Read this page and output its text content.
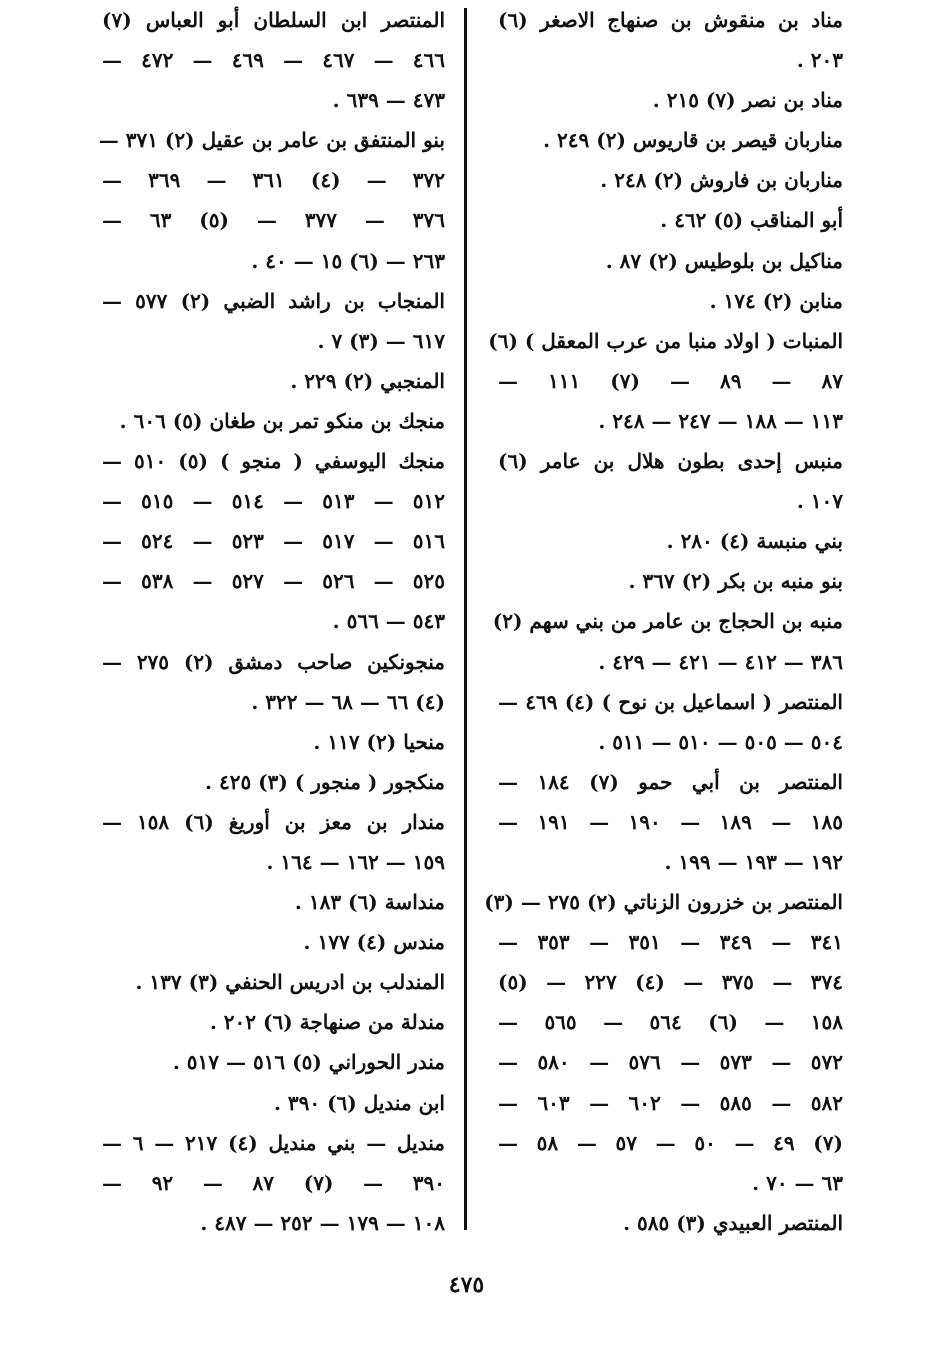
مناد بن منقوش بن صنهاج الاصغر (٦)
٢٠٣ .
مناد بن نصر (٧) ٢١٥ .
مناربان قيصر بن قاريوس (٢) ٢٤٩ .
مناربان بن فاروش (٢) ٢٤٨ .
أبو المناقب (٥) ٤٦٢ .
مناكيل بن بلوطيس (٢) ٨٧ .
منابن (٢) ١٧٤ .
المنبات ( اولاد منبا من عرب المعقل ) (٦)
٨٧ — ٨٩ — (٧) ١١١ —
١١٣ — ١٨٨ — ٢٤٧ — ٢٤٨ .
منبس إحدى بطون هلال بن عامر (٦)
١٠٧ .
بني منبسة (٤) ٢٨٠ .
بنو منبه بن بكر (٢) ٣٦٧ .
منبه بن الحجاج بن عامر من بني سهم (٢)
٣٨٦ — ٤١٢ — ٤٢١ — ٤٢٩ .
المنتصر ( اسماعيل بن نوح ) (٤) ٤٦٩ —
٥٠٤ — ٥٠٥ — ٥١٠ — ٥١١ .
المنتصر بن أبي حمو (٧) ١٨٤ —
١٨٥ — ١٨٩ — ١٩٠ — ١٩١ —
١٩٢ — ١٩٣ — ١٩٩ .
المنتصر بن خزرون الزناتي (٢) ٢٧٥ — (٣)
٣٤١ — ٣٤٩ — ٣٥١ — ٣٥٣ —
٣٧٤ — ٣٧٥ — (٤) ٢٢٧ — (٥)
١٥٨ — (٦) ٥٦٤ — ٥٦٥ —
٥٧٢ — ٥٧٣ — ٥٧٦ — ٥٨٠ —
٥٨٢ — ٥٨٥ — ٦٠٢ — ٦٠٣ —
(٧) ٤٩ — ٥٠ — ٥٧ — ٥٨ —
٦٣ — ٧٠ .
المنتصر العبيدي (٣) ٥٨٥ .
المنتصر ابن السلطان أبو العباس (٧)
٤٦٦ — ٤٦٧ — ٤٦٩ — ٤٧٢ —
٤٧٣ — ٦٣٩ .
بنو المنتفق بن عامر بن عقيل (٢) ٣٧١ —
٣٧٢ — (٤) ٣٦١ — ٣٦٩ —
٣٧٦ — ٣٧٧ — (٥) ٦٣ —
٢٦٣ — (٦) ١٥ — ٤٠ .
المنجاب بن راشد الضبي (٢) ٥٧٧ —
٦١٧ — (٣) ٧ .
المنجبي (٢) ٢٢٩ .
منجك بن منكو تمر بن طغان (٥) ٦٠٦ .
منجك اليوسفي ( منجو ) (٥) ٥١٠ —
٥١٢ — ٥١٣ — ٥١٤ — ٥١٥ —
٥١٦ — ٥١٧ — ٥٢٣ — ٥٢٤ —
٥٢٥ — ٥٢٦ — ٥٢٧ — ٥٣٨ —
٥٤٣ — ٥٦٦ .
منجونكين صاحب دمشق (٢) ٢٧٥ —
(٤) ٦٦ — ٦٨ — ٣٢٢ .
منحيا (٢) ١١٧ .
منكجور ( منجور ) (٣) ٤٢٥ .
مندار بن معز بن أوريغ (٦) ١٥٨ —
١٥٩ — ١٦٢ — ١٦٤ .
منداسة (٦) ١٨٣ .
مندس (٤) ١٧٧ .
المندلب بن ادريس الحنفي (٣) ١٣٧ .
مندلة من صنهاجة (٦) ٢٠٢ .
مندر الحوراني (٥) ٥١٦ — ٥١٧ .
ابن منديل (٦) ٣٩٠ .
منديل — بني منديل (٤) ٢١٧ — ٦ —
٣٩٠ — (٧) ٨٧ — ٩٢ —
١٠٨ — ١٧٩ — ٢٥٢ — ٤٨٧ .
٤٧٥
